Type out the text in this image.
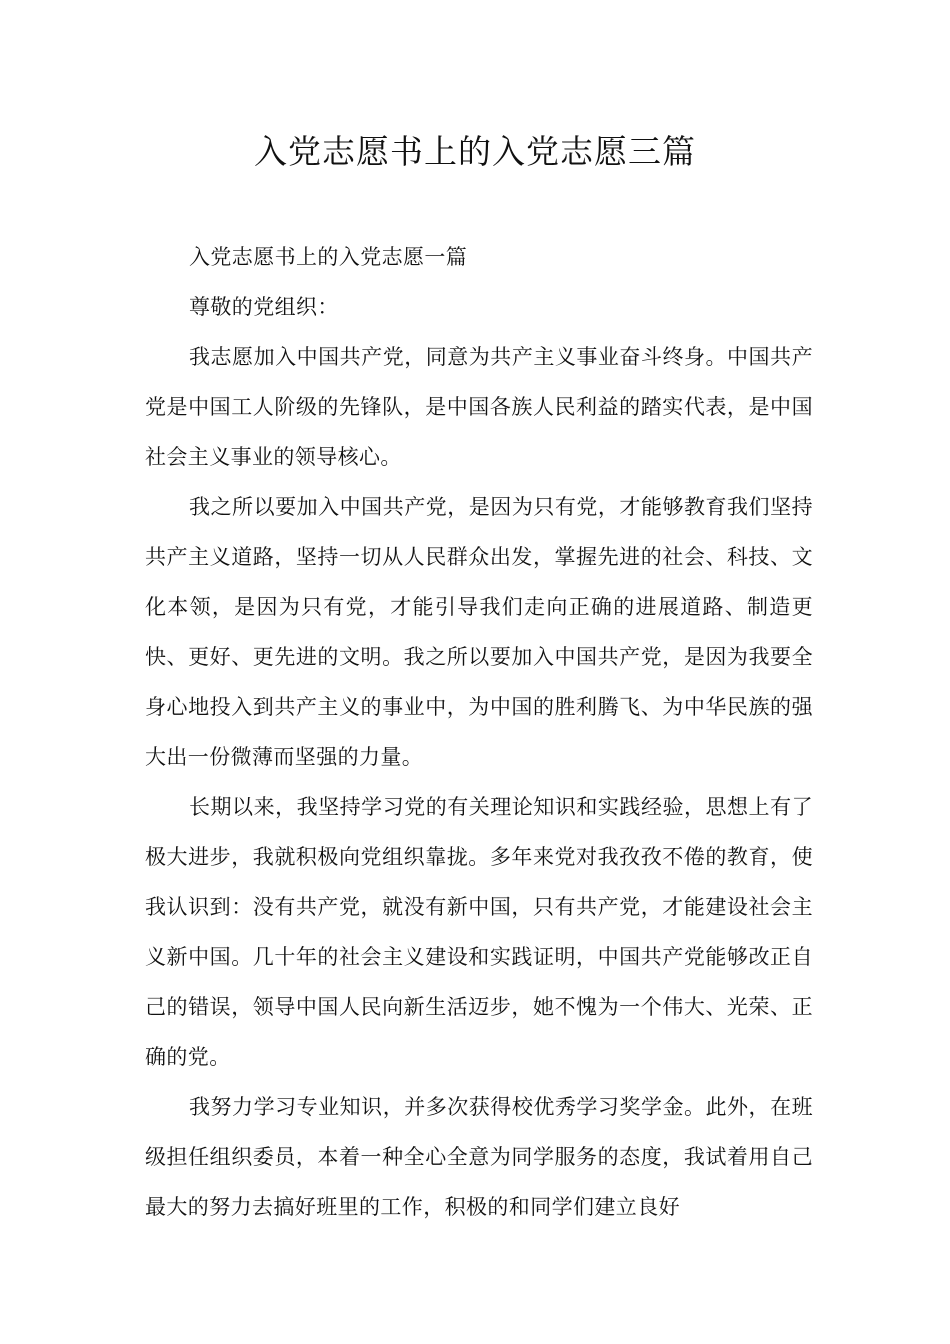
入党志愿书上的入党志愿三篇

入党志愿书上的入党志愿一篇

尊敬的党组织：

我志愿加入中国共产党，同意为共产主义事业奋斗终身。中国共产党是中国工人阶级的先锋队，是中国各族人民利益的踏实代表，是中国社会主义事业的领导核心。

我之所以要加入中国共产党，是因为只有党，才能够教育我们坚持共产主义道路，坚持一切从人民群众出发，掌握先进的社会、科技、文化本领，是因为只有党，才能引导我们走向正确的进展道路、制造更快、更好、更先进的文明。我之所以要加入中国共产党，是因为我要全身心地投入到共产主义的事业中，为中国的胜利腾飞、为中华民族的强大出一份微薄而坚强的力量。

长期以来，我坚持学习党的有关理论知识和实践经验，思想上有了极大进步，我就积极向党组织靠拢。多年来党对我孜孜不倦的教育，使我认识到：没有共产党，就没有新中国，只有共产党，才能建设社会主义新中国。几十年的社会主义建设和实践证明，中国共产党能够改正自己的错误，领导中国人民向新生活迈步，她不愧为一个伟大、光荣、正确的党。

我努力学习专业知识，并多次获得校优秀学习奖学金。此外，在班级担任组织委员，本着一种全心全意为同学服务的态度，我试着用自己最大的努力去搞好班里的工作，积极的和同学们建立良好
